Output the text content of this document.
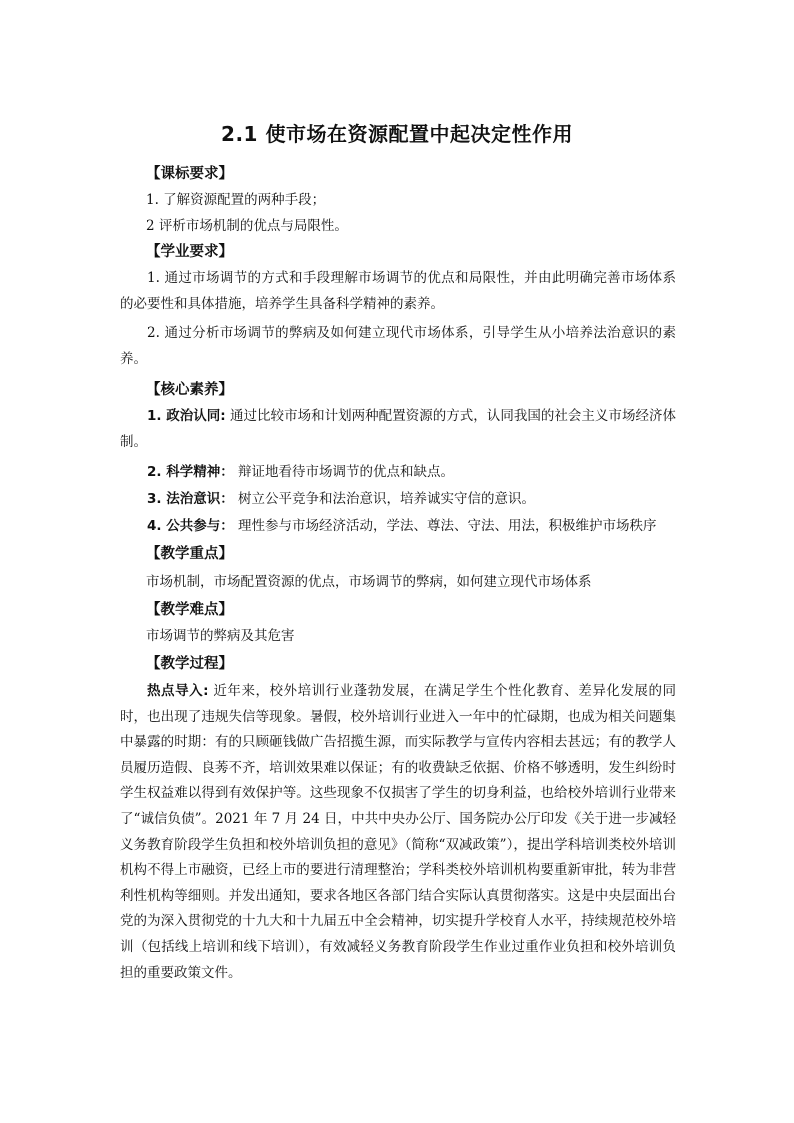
2.1 使市场在资源配置中起决定性作用
【课标要求】
1. 了解资源配置的两种手段；
2 评析市场机制的优点与局限性。
【学业要求】
1. 通过市场调节的方式和手段理解市场调节的优点和局限性，并由此明确完善市场体系的必要性和具体措施，培养学生具备科学精神的素养。
2. 通过分析市场调节的弊病及如何建立现代市场体系，引导学生从小培养法治意识的素养。
【核心素养】
1. 政治认同: 通过比较市场和计划两种配置资源的方式，认同我国的社会主义市场经济体制。
2. 科学精神： 辩证地看待市场调节的优点和缺点。
3. 法治意识： 树立公平竞争和法治意识，培养诚实守信的意识。
4. 公共参与： 理性参与市场经济活动，学法、尊法、守法、用法，积极维护市场秩序
【教学重点】
市场机制，市场配置资源的优点，市场调节的弊病，如何建立现代市场体系
【教学难点】
市场调节的弊病及其危害
【教学过程】
热点导入: 近年来，校外培训行业蓬勃发展，在满足学生个性化教育、差异化发展的同时，也出现了违规失信等现象。暑假，校外培训行业进入一年中的忙碌期，也成为相关问题集中暴露的时期：有的只顾砸钱做广告招揽生源，而实际教学与宣传内容相去甚远；有的教学人员履历造假、良莠不齐，培训效果难以保证；有的收费缺乏依据、价格不够透明，发生纠纷时学生权益难以得到有效保护等。这些现象不仅损害了学生的切身利益，也给校外培训行业带来了“诚信负债”。2021 年 7 月 24 日，中共中央办公厅、国务院办公厅印发《关于进一步减轻义务教育阶段学生负担和校外培训负担的意见》（简称“双减政策”），提出学科培训类校外培训机构不得上市融资，已经上市的要进行清理整治；学科类校外培训机构要重新审批，转为非营利性机构等细则。并发出通知，要求各地区各部门结合实际认真贯彻落实。这是中央层面出台党的为深入贯彻党的十九大和十九届五中全会精神，切实提升学校育人水平，持续规范校外培训（包括线上培训和线下培训），有效减轻义务教育阶段学生作业过重作业负担和校外培训负担的重要政策文件。
